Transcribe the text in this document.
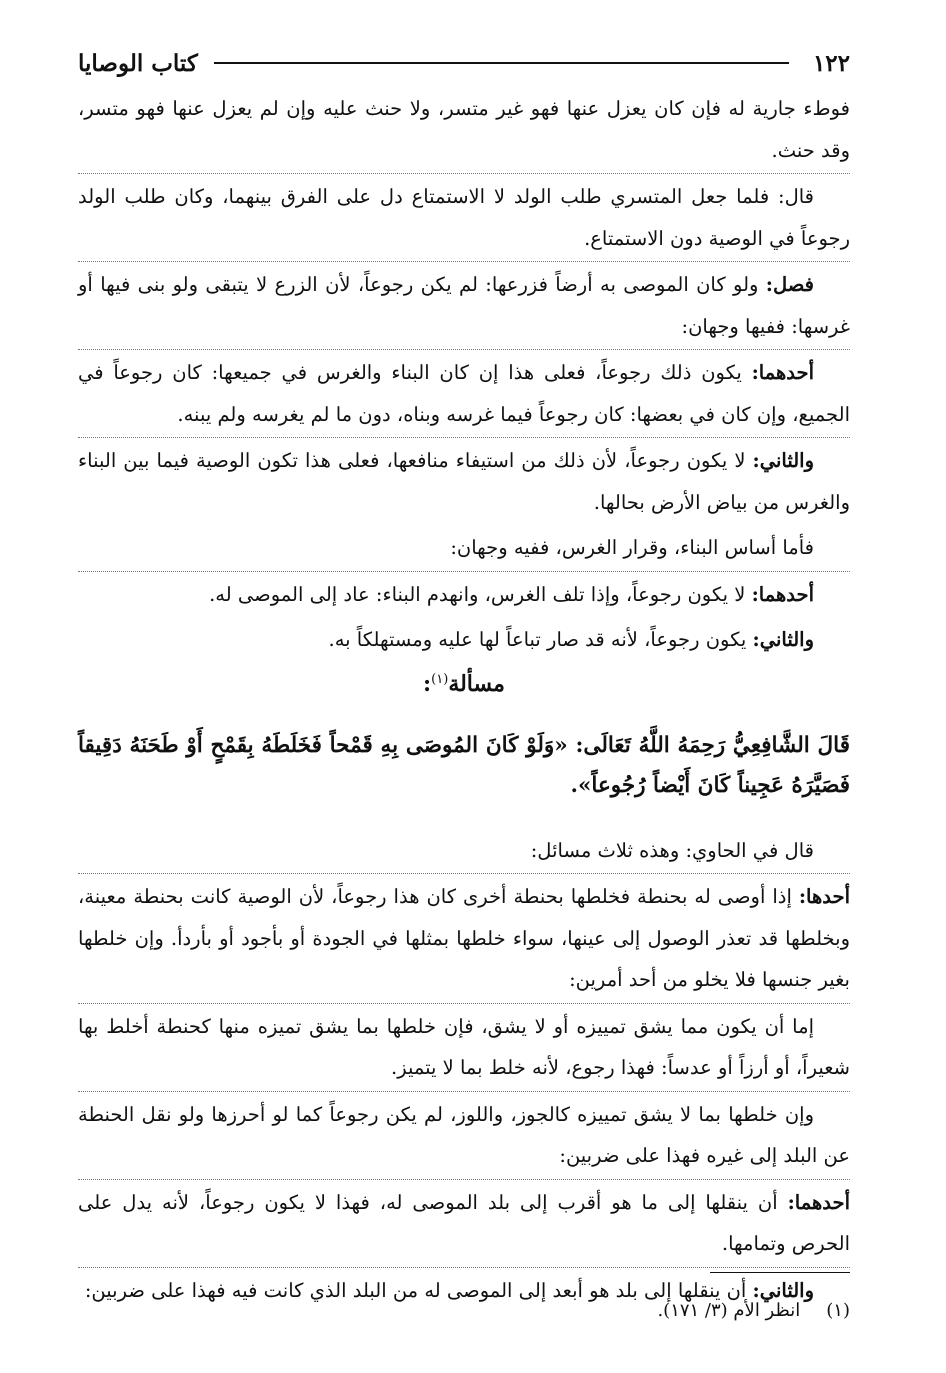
١٢٢
كتاب الوصايا

فوطء جارية له فإن كان يعزل عنها فهو غير متسر، ولا حنث عليه وإن لم يعزل عنها فهو متسر، وقد حنث.

قال: فلما جعل المتسري طلب الولد لا الاستمتاع دل على الفرق بينهما، وكان طلب الولد رجوعاً في الوصية دون الاستمتاع.

فصل: ولو كان الموصى به أرضاً فزرعها: لم يكن رجوعاً، لأن الزرع لا يتبقى ولو بنى فيها أو غرسها: ففيها وجهان:

أحدهما: يكون ذلك رجوعاً، فعلى هذا إن كان البناء والغرس في جميعها: كان رجوعاً في الجميع، وإن كان في بعضها: كان رجوعاً فيما غرسه وبناه، دون ما لم يغرسه ولم يبنه.

والثاني: لا يكون رجوعاً، لأن ذلك من استيفاء منافعها، فعلى هذا تكون الوصية فيما بين البناء والغرس من بياض الأرض بحالها.

فأما أساس البناء، وقرار الغرس، ففيه وجهان:

أحدهما: لا يكون رجوعاً، وإذا تلف الغرس، وانهدم البناء: عاد إلى الموصى له.

والثاني: يكون رجوعاً، لأنه قد صار تباعاً لها عليه ومستهلكاً به.

مسألة$^{(١)}$:

قَالَ الشَّافِعِيُّ رَحِمَهُ اللَّهُ تَعَالَى: «وَلَوْ كَانَ المُوصَى بِهِ قَمْحاً فَخَلَطَهُ بِقَمْحٍ أَوْ طَحَنَهُ دَقِيقاً فَصَيَّرَهُ عَجِيناً كَانَ أَيْضاً رُجُوعاً».

قال في الحاوي: وهذه ثلاث مسائل:

أحدها: إذا أوصى له بحنطة فخلطها بحنطة أخرى كان هذا رجوعاً، لأن الوصية كانت بحنطة معينة، وبخلطها قد تعذر الوصول إلى عينها، سواء خلطها بمثلها في الجودة أو بأجود أو بأردأ. وإن خلطها بغير جنسها فلا يخلو من أحد أمرين:

إما أن يكون مما يشق تمييزه أو لا يشق، فإن خلطها بما يشق تميزه منها كحنطة أخلط بها شعيراً، أو أرزاً أو عدساً: فهذا رجوع، لأنه خلط بما لا يتميز.

وإن خلطها بما لا يشق تمييزه كالجوز، واللوز، لم يكن رجوعاً كما لو أحرزها ولو نقل الحنطة عن البلد إلى غيره فهذا على ضربين:

أحدهما: أن ينقلها إلى ما هو أقرب إلى بلد الموصى له، فهذا لا يكون رجوعاً، لأنه يدل على الحرص وتمامها.

والثاني: أن ينقلها إلى بلد هو أبعد إلى الموصى له من البلد الذي كانت فيه فهذا على ضربين:

(١)
انظر الأم (٣/ ١٧١).
